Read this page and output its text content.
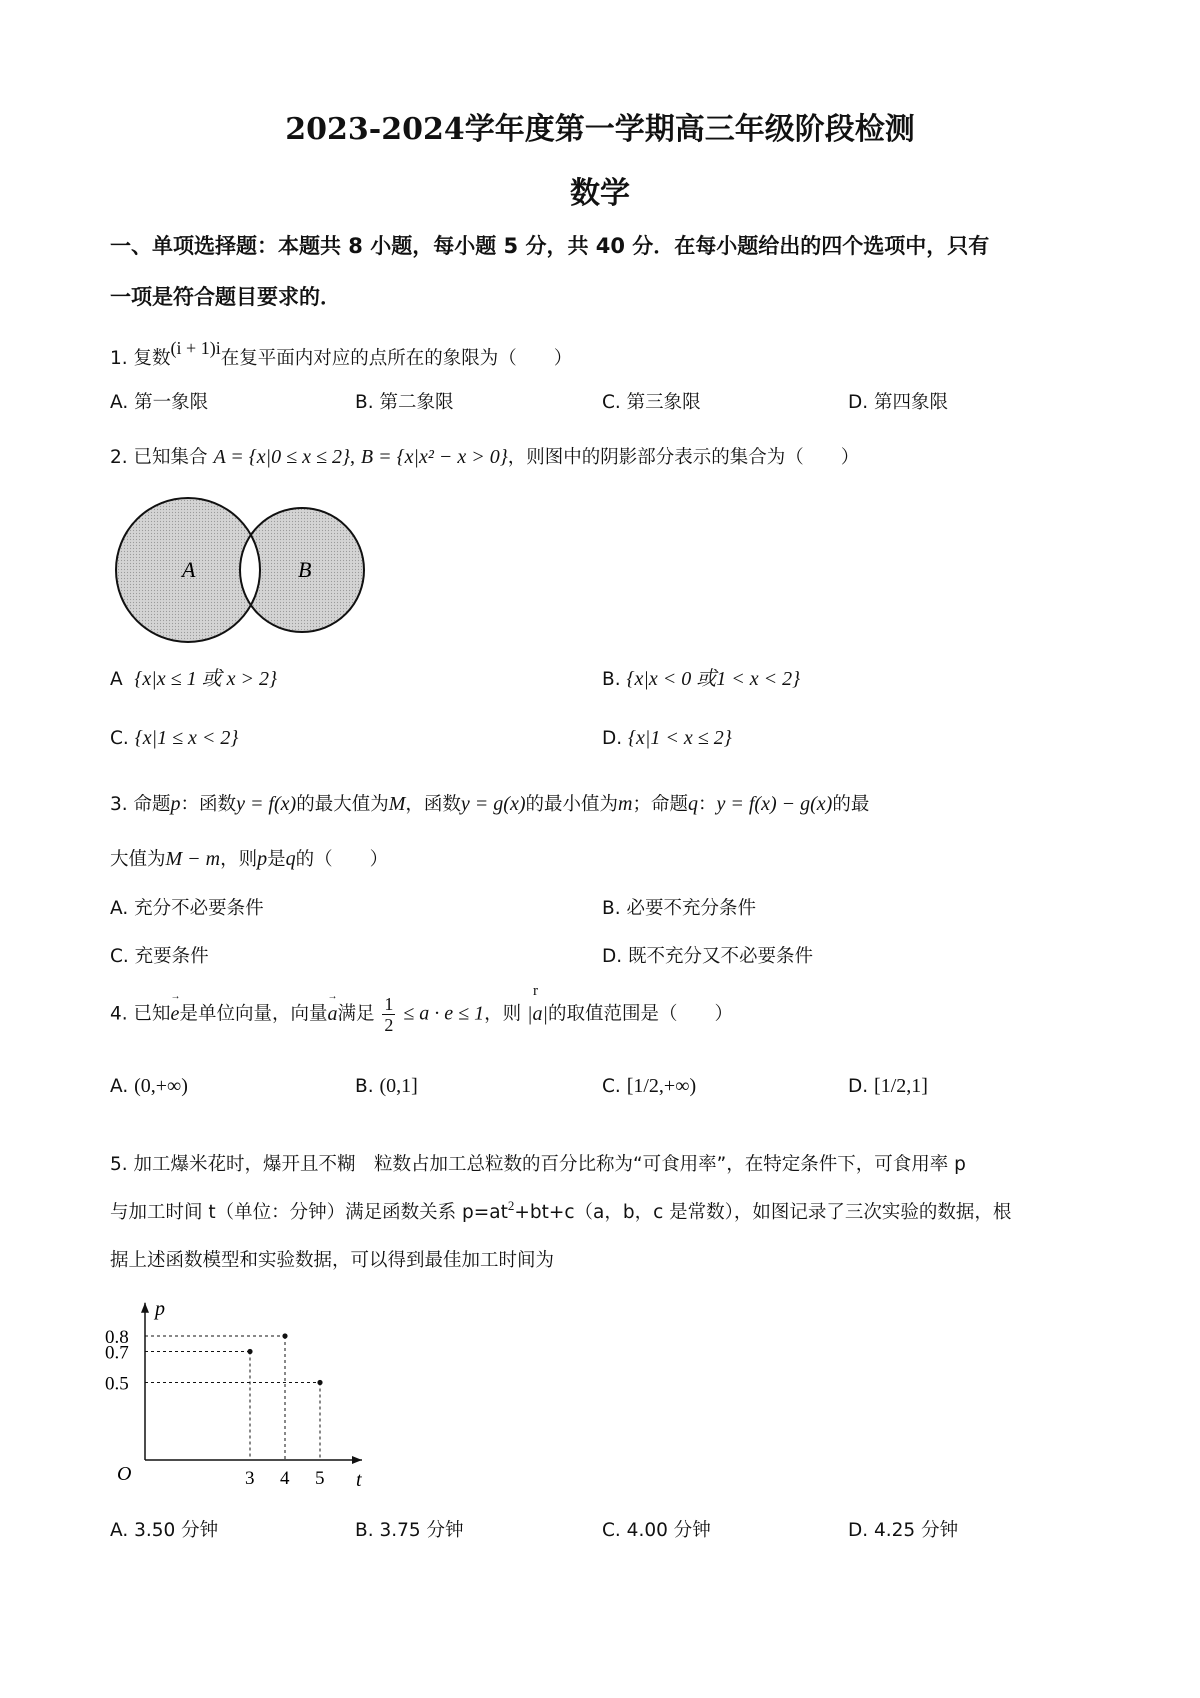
2023-2024学年度第一学期高三年级阶段检测
数学
一、单项选择题：本题共 8 小题，每小题 5 分，共 40 分．在每小题给出的四个选项中，只有
一项是符合题目要求的．
1. 复数(i + 1)i在复平面内对应的点所在的象限为（　　）
A. 第一象限	B. 第二象限	C. 第三象限	D. 第四象限
2. 已知集合 A = {x|0 ≤ x ≤ 2}, B = {x|x² − x > 0}，则图中的阴影部分表示的集合为（　　）
A	B
A {x|x ≤ 1 或 x > 2}	B. {x|x < 0 或1 < x < 2}
C. {x|1 ≤ x < 2}	D. {x|1 < x ≤ 2}
3. 命题p：函数y = f(x)的最大值为M，函数y = g(x)的最小值为m；命题q：y = f(x) − g(x)的最
大值为M − m，则p是q的（　　）
A. 充分不必要条件	B. 必要不充分条件
C. 充要条件	D. 既不充分又不必要条件
4. 已知→ e是单位向量，向量→ a满足 $\frac{1}{2} \le a \cdot e \le 1$，则
r
|a|的取值范围是（　　）
A. (0,+∞)	B. (0,1]	C. [1/2,+∞)	D. [1/2,1]
5. 加工爆米花时，爆开且不糊　粒数占加工总粒数的百分比称为“可食用率”，在特定条件下，可食用率 p
与加工时间 t（单位：分钟）满足函数关系 $p=at^2+bt+c(a$，b，c 是常数），如图记录了三次实验的数据，根
据上述函数模型和实验数据，可以得到最佳加工时间为
p
t
O	3 4 5
0.8
0.7
0.5
A. 3.50 分钟	B. 3.75 分钟	C. 4.00 分钟	D. 4.25 分钟
